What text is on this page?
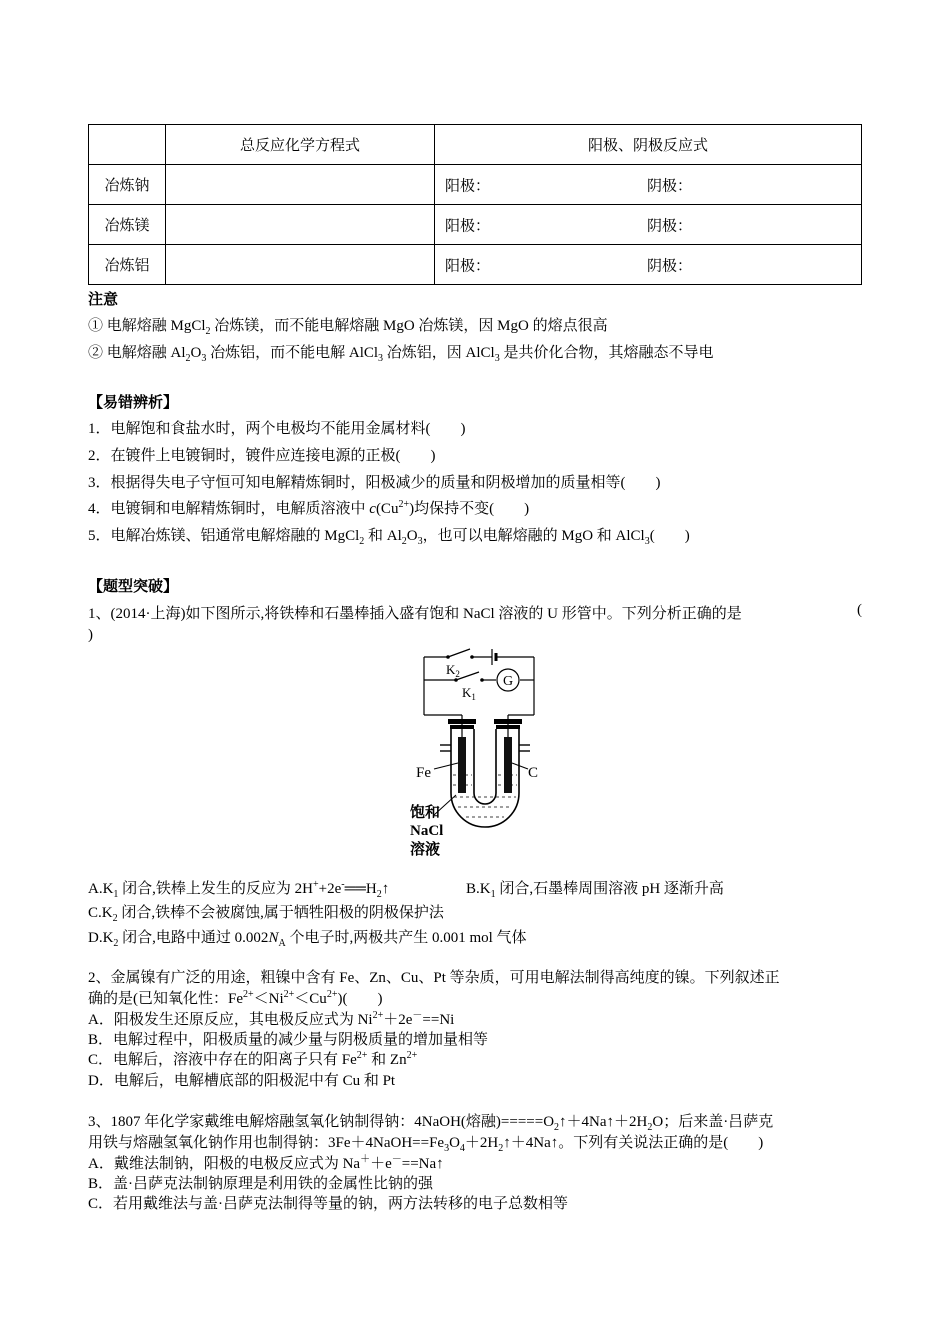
	总反应化学方程式	阳极、阴极反应式
冶炼钠		阳极： 阴极：

冶炼镁		阳极： 阴极：

冶炼铝		阳极： 阴极：
注意
① 电解熔融 MgCl$_2$ 冶炼镁，而不能电解熔融 MgO 冶炼镁，因 MgO 的熔点很高
② 电解熔融 $Al_2O_3$ 冶炼铝，而不能电解 AlCl$_3$ 冶炼铝，因 AlCl$_3$ 是共价化合物，其熔融态不导电
【易错辨析】
1．电解饱和食盐水时，两个电极均不能用金属材料(　　)
2．在镀件上电镀铜时，镀件应连接电源的正极(　　)
3．根据得失电子守恒可知电解精炼铜时，阳极减少的质量和阴极增加的质量相等(　　)
4．电镀铜和电解精炼铜时，电解质溶液中 $c(Cu^{2+})$均保持不变(　　)
5．电解冶炼镁、铝通常电解熔融的 MgCl$_2$ 和 $Al_2O_3$，也可以电解熔融的 MgO 和 AlCl$_3$(　　)
【题型突破】
1、(2014·上海)如下图所示,将铁棒和石墨棒插入盛有饱和 NaCl 溶液的 U 形管中。下列分析正确的是	(
)
G
$K_2$
$K_1$
Fe	C
饱和
NaCl
溶液
$A.K_1$ 闭合,铁棒上发生的反应为 $2H^++2e^-══H_2↑$	$B.K_1$ 闭合,石墨棒周围溶液 pH 逐渐升高
$C.K_2$ 闭合,铁棒不会被腐蚀,属于牺牲阳极的阴极保护法
$D.K_2$ 闭合,电路中通过 $0.002N_A$ 个电子时,两极共产生 0.001 mol 气体
2、金属镍有广泛的用途，粗镍中含有 Fe、Zn、Cu、Pt 等杂质，可用电解法制得高纯度的镍。下列叙述正
确的是(已知氧化性：$Fe^{2+}<Ni^{2+}<Cu^{2+}$)(　　)
A．阳极发生还原反应，其电极反应式为 $Ni^{2+}+2e^-==Ni$
B．电解过程中，阳极质量的减少量与阴极质量的增加量相等
C．电解后，溶液中存在的阳离子只有 $Fe^{2+}$ 和 $Zn^{2+}$
D．电解后，电解槽底部的阳极泥中有 Cu 和 Pt
3、1807 年化学家戴维电解熔融氢氧化钠制得钠：4NaOH(熔融)$=====O_2↑+4Na↑+2H_2O$；后来盖·吕萨克
用铁与熔融氢氧化钠作用也制得钠：$3Fe+4NaOH==Fe_3O_4+2H_2↑+4Na↑$。下列有关说法正确的是(　　)
A．戴维法制钠，阳极的电极反应式为 Na＋＋e－==Na↑
B．盖·吕萨克法制钠原理是利用铁的金属性比钠的强
C．若用戴维法与盖·吕萨克法制得等量的钠，两方法转移的电子总数相等
